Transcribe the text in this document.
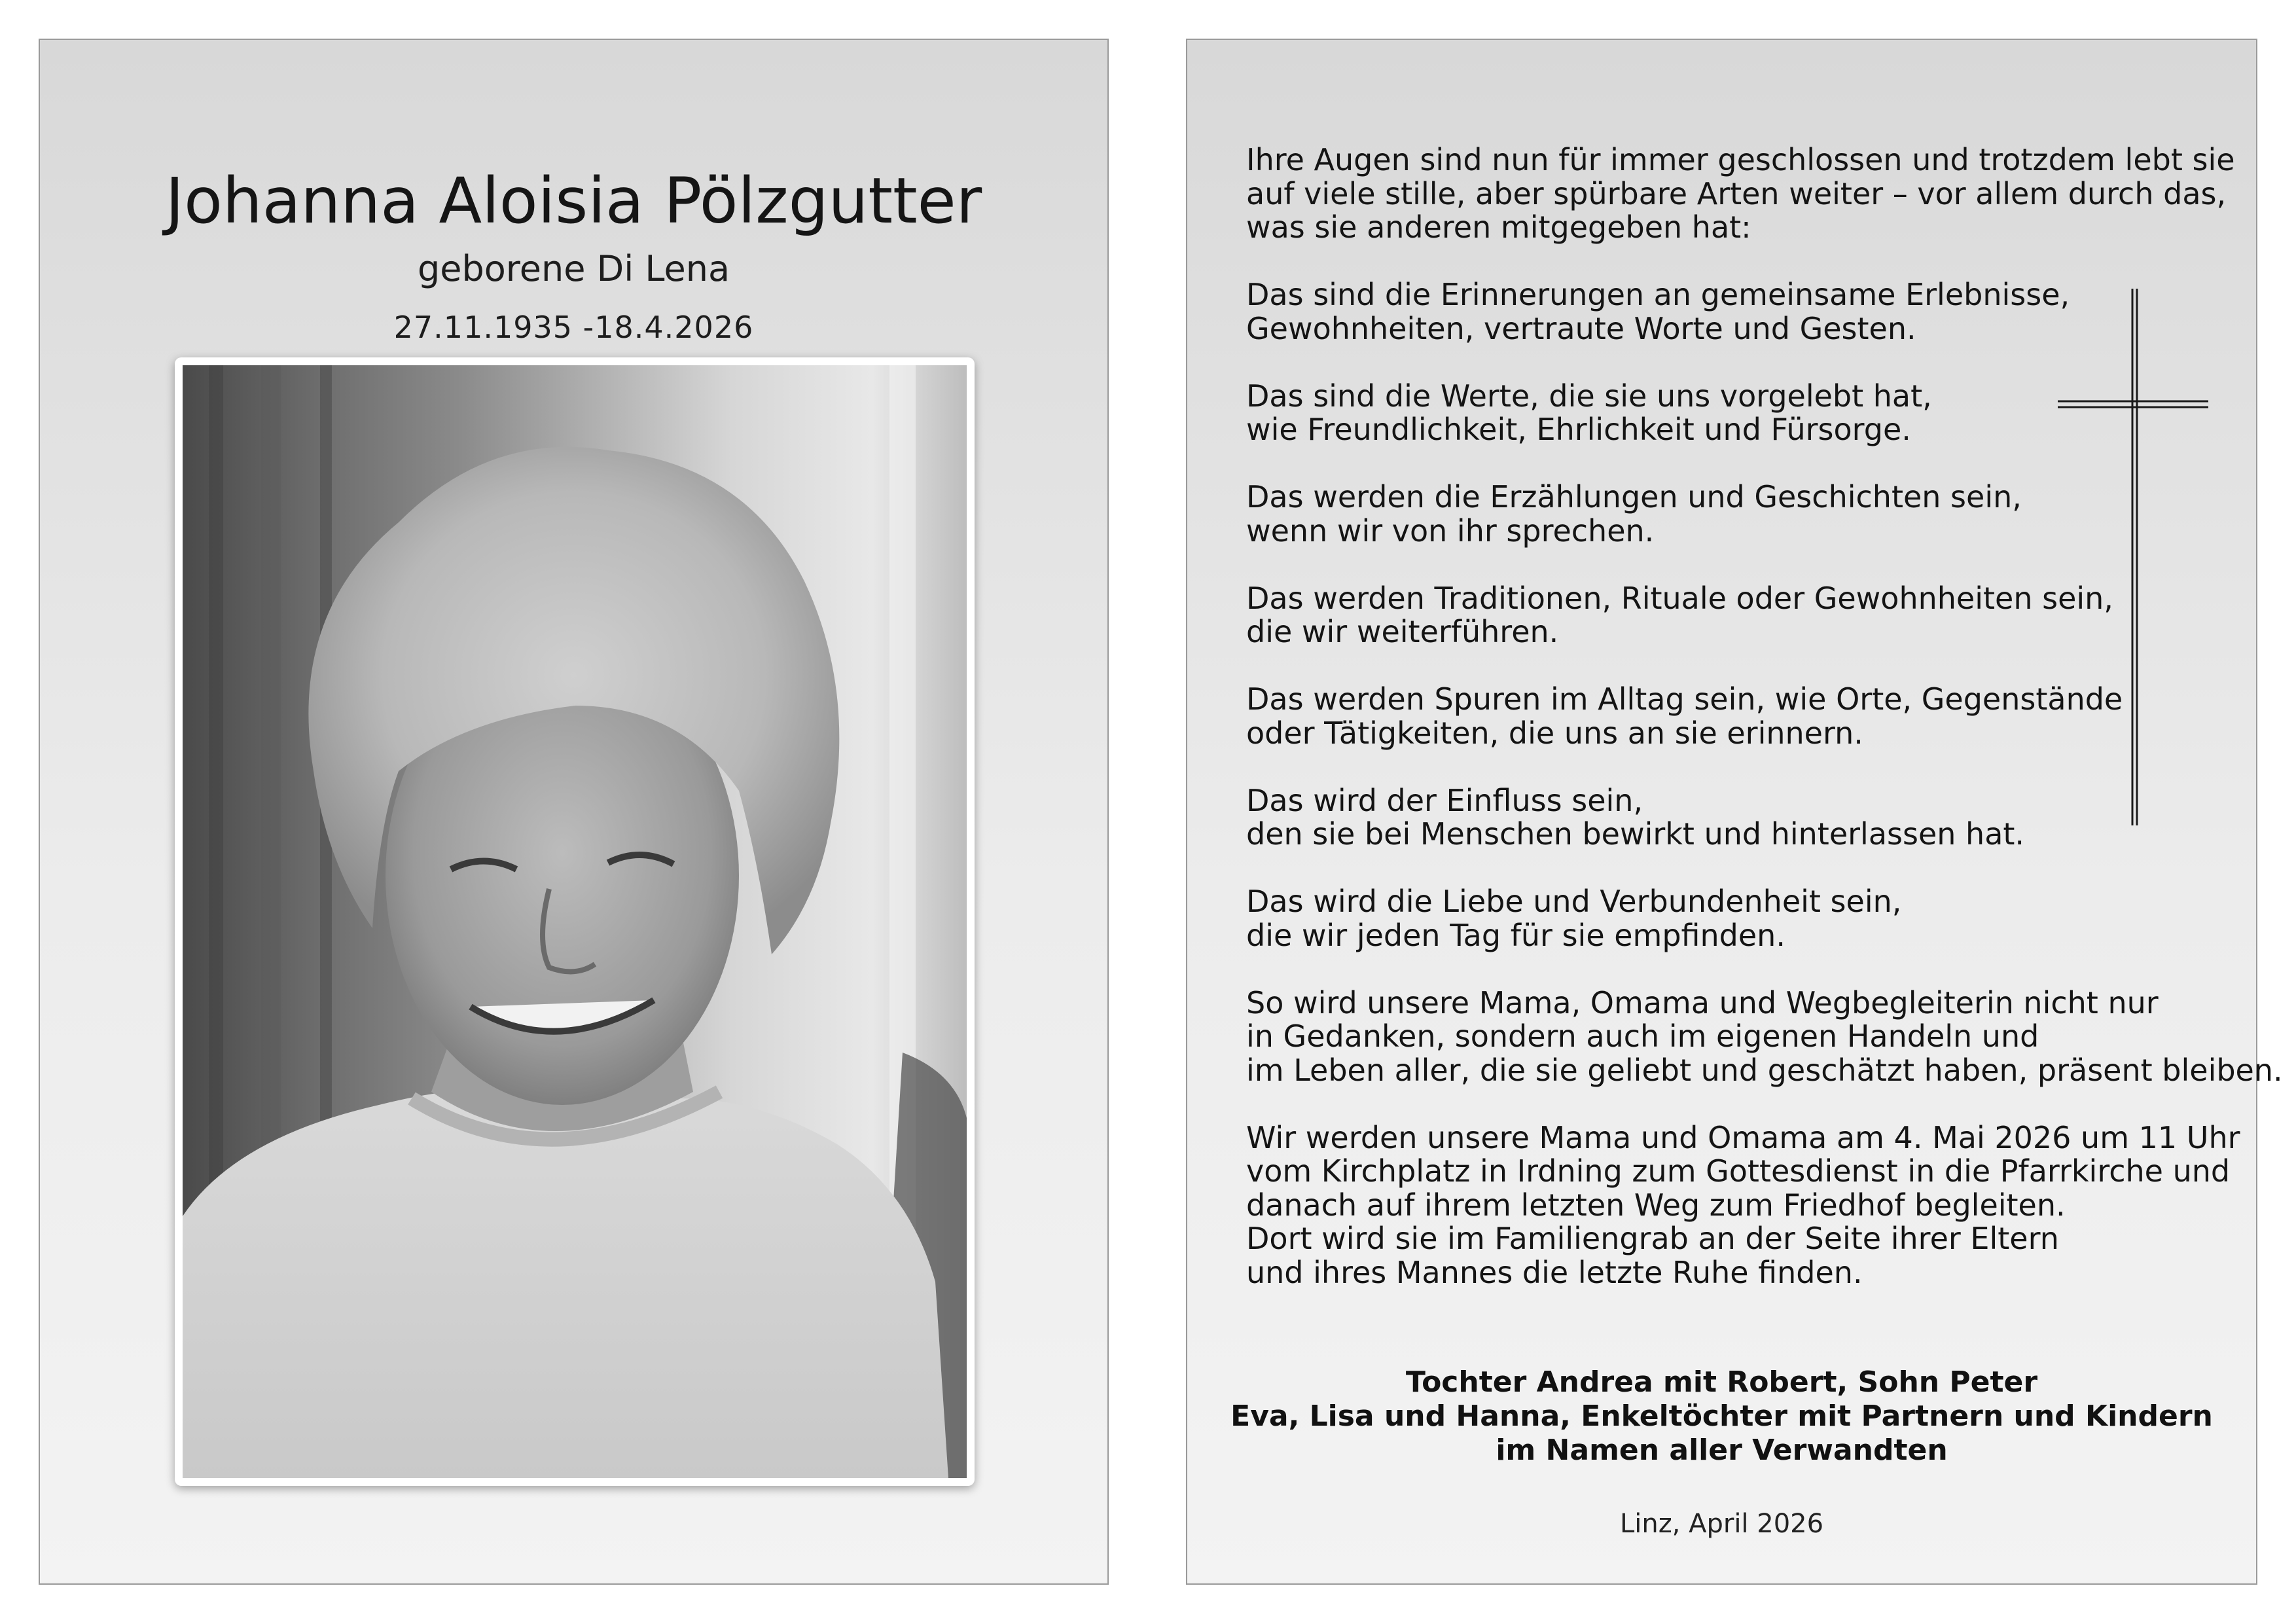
Johanna Aloisia Pölzgutter
geborene Di Lena
27.11.1935 -18.4.2026
Ihre Augen sind nun für immer geschlossen und trotzdem lebt sie
auf viele stille, aber spürbare Arten weiter – vor allem durch das,
was sie anderen mitgegeben hat:
Das sind die Erinnerungen an gemeinsame Erlebnisse,
Gewohnheiten, vertraute Worte und Gesten.
Das sind die Werte, die sie uns vorgelebt hat,
wie Freundlichkeit, Ehrlichkeit und Fürsorge.
Das werden die Erzählungen und Geschichten sein,
wenn wir von ihr sprechen.
Das werden Traditionen, Rituale oder Gewohnheiten sein,
die wir weiterführen.
Das werden Spuren im Alltag sein, wie Orte, Gegenstände
oder Tätigkeiten, die uns an sie erinnern.
Das wird der Einfluss sein,
den sie bei Menschen bewirkt und hinterlassen hat.
Das wird die Liebe und Verbundenheit sein,
die wir jeden Tag für sie empfinden.
So wird unsere Mama, Omama und Wegbegleiterin nicht nur
in Gedanken, sondern auch im eigenen Handeln und
im Leben aller, die sie geliebt und geschätzt haben, präsent bleiben.
Wir werden unsere Mama und Omama am 4. Mai 2026 um 11 Uhr
vom Kirchplatz in Irdning zum Gottesdienst in die Pfarrkirche und
danach auf ihrem letzten Weg zum Friedhof begleiten.
Dort wird sie im Familiengrab an der Seite ihrer Eltern
und ihres Mannes die letzte Ruhe finden.
Tochter Andrea mit Robert, Sohn Peter
Eva, Lisa und Hanna, Enkeltöchter mit Partnern und Kindern
im Namen aller Verwandten
Linz, April 2026
